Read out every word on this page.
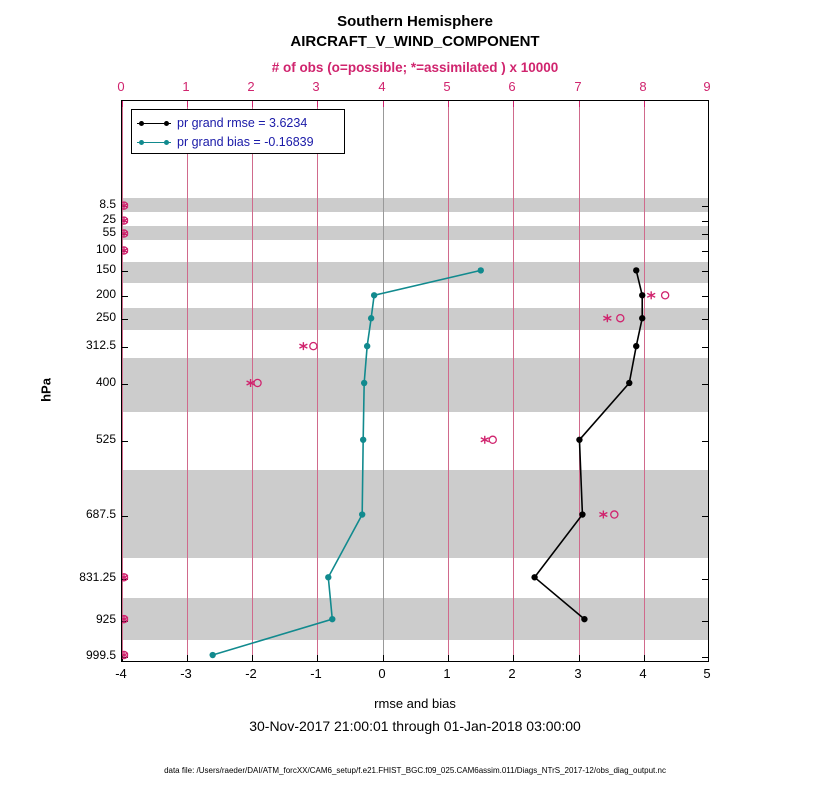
Southern Hemisphere
AIRCRAFT_V_WIND_COMPONENT
# of obs (o=possible; *=assimilated ) x 10000
hPa
pr grand rmse = 3.6234
pr grand bias = -0.16839
-4	-3	-2	-1	0	1	2	3	4	5
0	1	2	3	4	5	6	7	8	9
8.5
25
55
100
150
200
250
312.5
400
525
687.5
831.25
925
999.5
rmse and bias
30-Nov-2017 21:00:01 through 01-Jan-2018 03:00:00
data file: /Users/raeder/DAI/ATM_forcXX/CAM6_setup/f.e21.FHIST_BGC.f09_025.CAM6assim.011/Diags_NTrS_2017-12/obs_diag_output.nc
